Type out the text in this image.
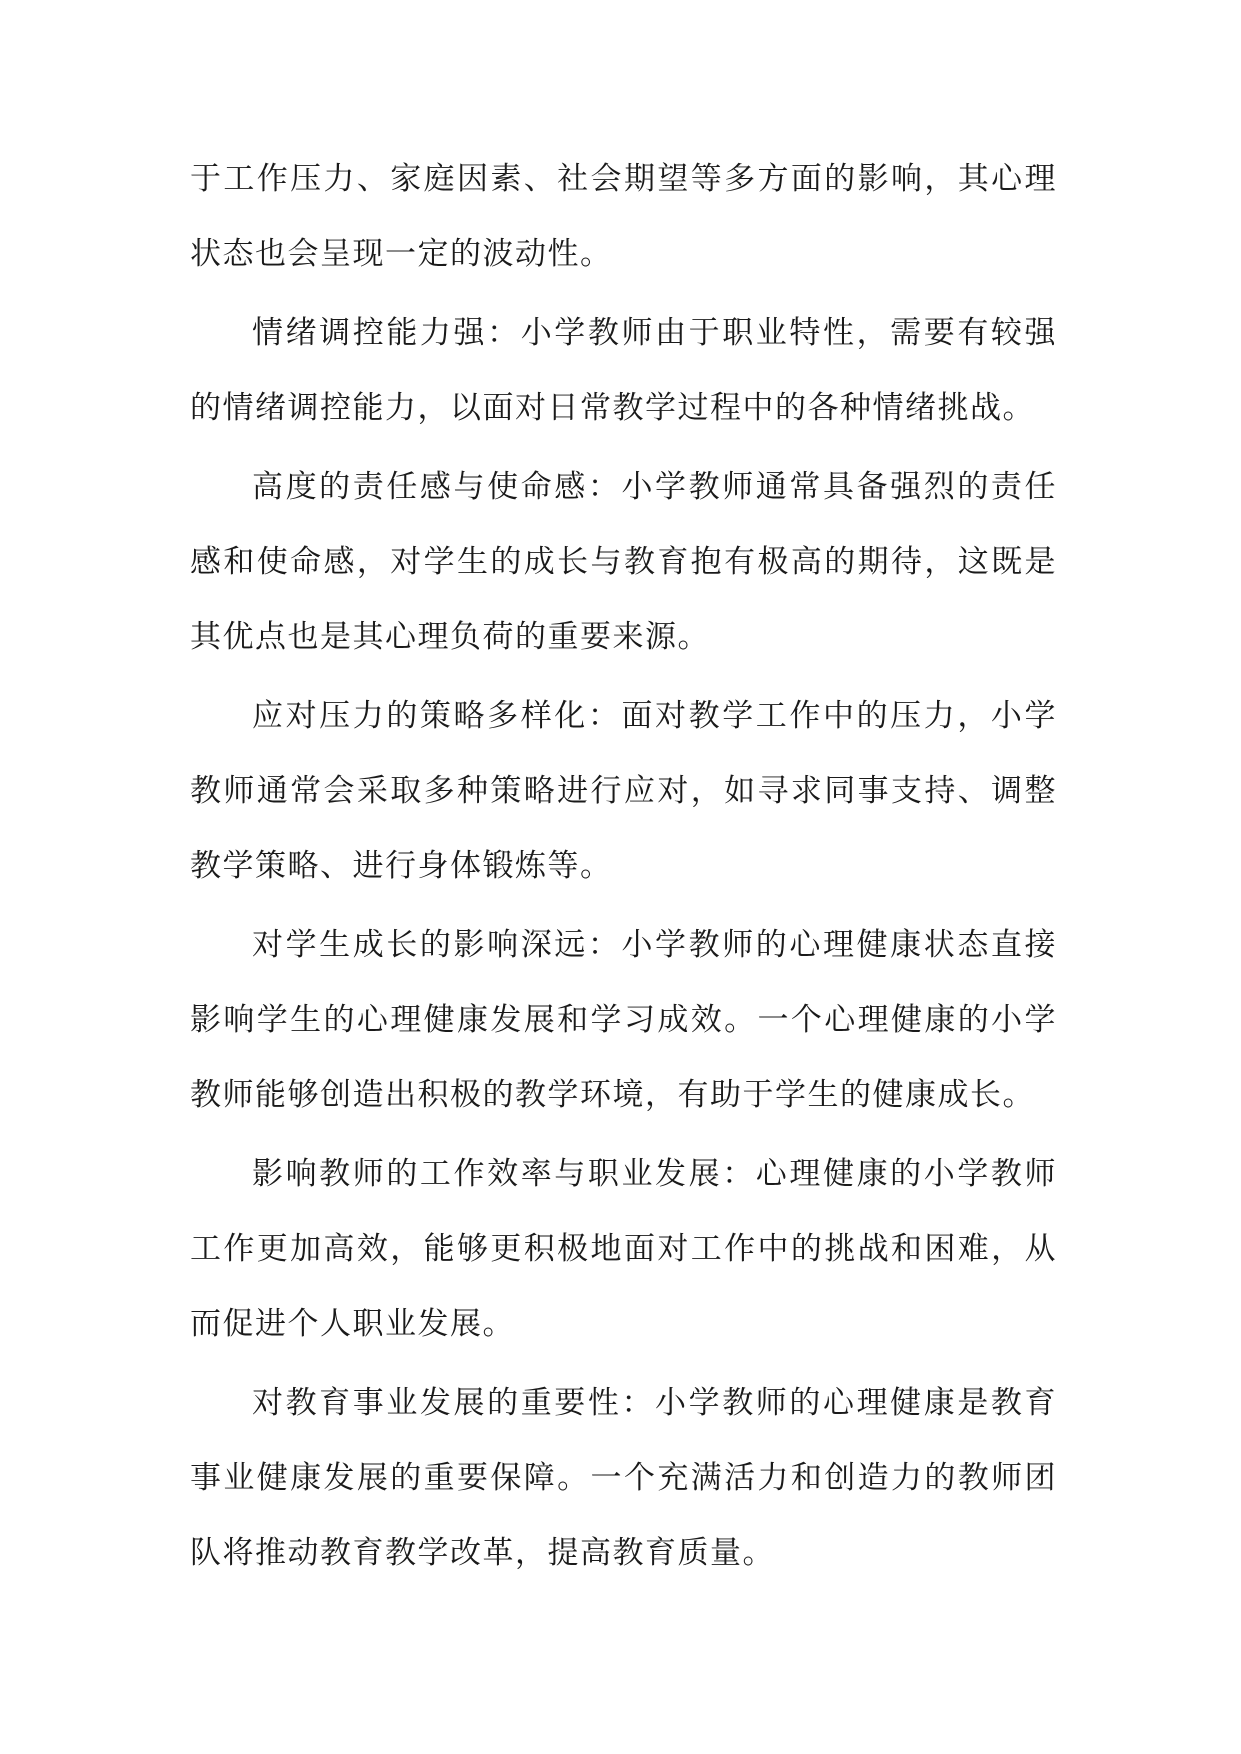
于工作压力、家庭因素、社会期望等多方面的影响，其心理状态也会呈现一定的波动性。

情绪调控能力强：小学教师由于职业特性，需要有较强的情绪调控能力，以面对日常教学过程中的各种情绪挑战。

高度的责任感与使命感：小学教师通常具备强烈的责任感和使命感，对学生的成长与教育抱有极高的期待，这既是其优点也是其心理负荷的重要来源。

应对压力的策略多样化：面对教学工作中的压力，小学教师通常会采取多种策略进行应对，如寻求同事支持、调整教学策略、进行身体锻炼等。

对学生成长的影响深远：小学教师的心理健康状态直接影响学生的心理健康发展和学习成效。一个心理健康的小学教师能够创造出积极的教学环境，有助于学生的健康成长。

影响教师的工作效率与职业发展：心理健康的小学教师工作更加高效，能够更积极地面对工作中的挑战和困难，从而促进个人职业发展。

对教育事业发展的重要性：小学教师的心理健康是教育事业健康发展的重要保障。一个充满活力和创造力的教师团队将推动教育教学改革，提高教育质量。
